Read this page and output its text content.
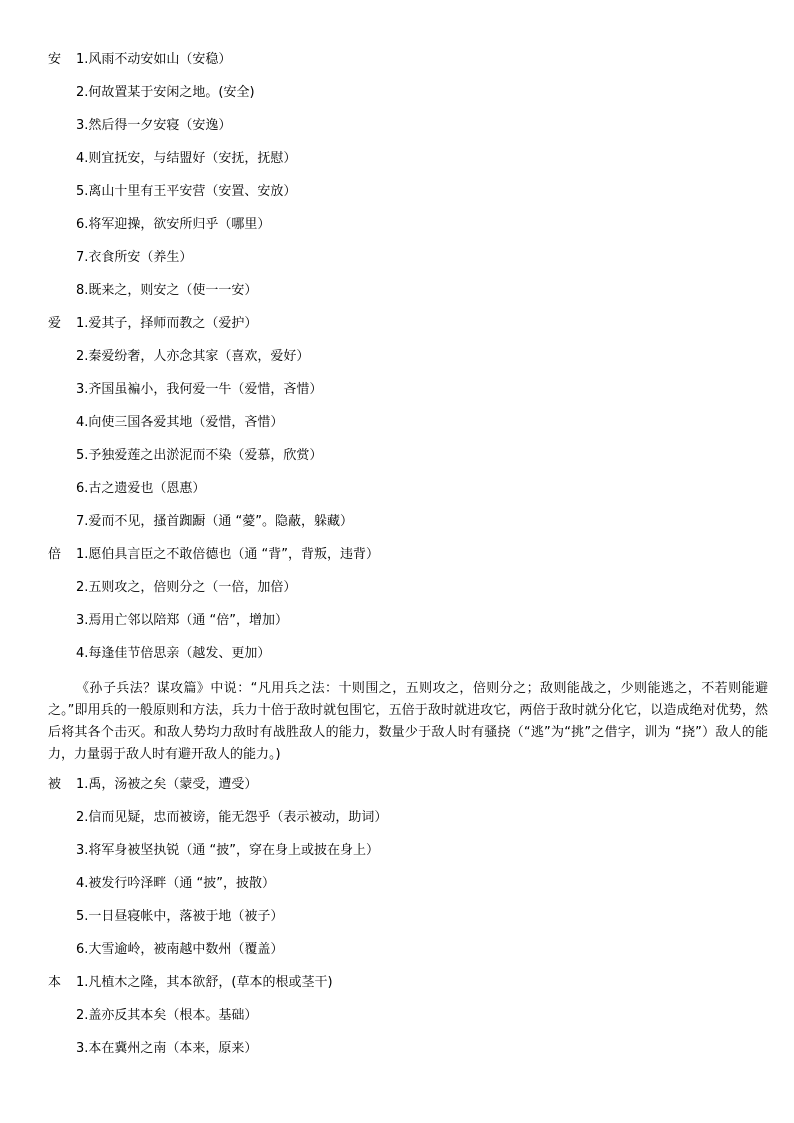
安 1.风雨不动安如山（安稳）
2.何故置某于安闲之地。(安全)
3.然后得一夕安寝（安逸）
4.则宜抚安，与结盟好（安抚，抚慰）
5.离山十里有王平安营（安置、安放）
6.将军迎操，欲安所归乎（哪里）
7.衣食所安（养生）
8.既来之，则安之（使一一安）
爱 1.爱其子，择师而教之（爱护）
2.秦爱纷奢，人亦念其家（喜欢，爱好）
3.齐国虽褊小，我何爱一牛（爱惜，吝惜）
4.向使三国各爱其地（爱惜，吝惜）
5.予独爱莲之出淤泥而不染（爱慕，欣赏）
6.古之遗爱也（恩惠）
7.爱而不见，搔首踟蹰（通 “薆”。隐蔽，躲藏）
倍 1.愿伯具言臣之不敢倍德也（通 “背”，背叛，违背）
2.五则攻之，倍则分之（一倍，加倍）
3.焉用亡邻以陪郑（通 “倍”，增加）
4.每逢佳节倍思亲（越发、更加）

《孙子兵法？谋攻篇》中说：“凡用兵之法：十则围之，五则攻之，倍则分之；敌则能战之，少则能逃之，不若则能避之。”即用兵的一般原则和方法，兵力十倍于敌时就包围它，五倍于敌时就进攻它，两倍于敌时就分化它，以造成绝对优势，然后将其各个击灭。和敌人势均力敌时有战胜敌人的能力，数量少于敌人时有骚挠（“逃”为“挑”之借字，训为 “挠”）敌人的能力，力量弱于敌人时有避开敌人的能力。)

被 1.禹，汤被之矣（蒙受，遭受）
2.信而见疑，忠而被谤，能无怨乎（表示被动，助词）
3.将军身被坚执锐（通 “披”，穿在身上或披在身上）
4.被发行吟泽畔（通 “披”，披散）
5.一日昼寝帐中，落被于地（被子）
6.大雪逾岭，被南越中数州（覆盖）
本 1.凡植木之隆，其本欲舒，(草本的根或茎干)
2.盖亦反其本矣（根本。基础）
3.本在冀州之南（本来，原来）
